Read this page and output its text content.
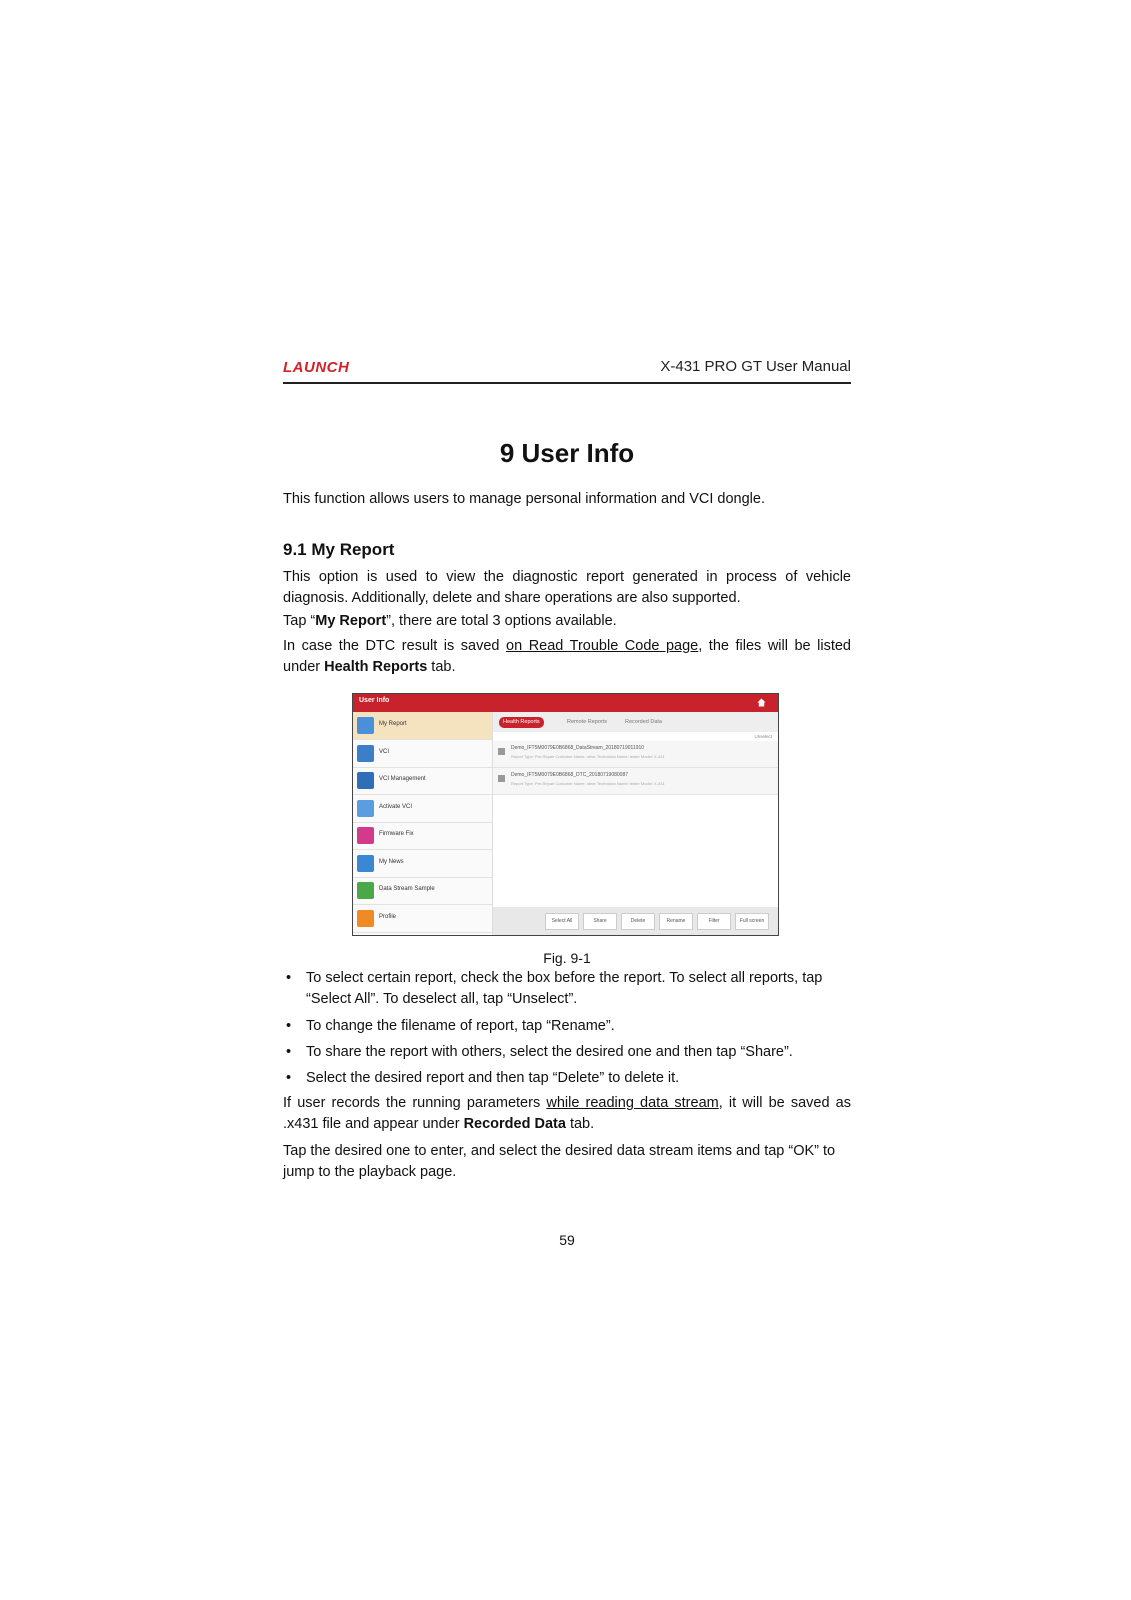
LAUNCH	X-431 PRO GT User Manual
9 User Info
This function allows users to manage personal information and VCI dongle.
9.1 My Report
This option is used to view the diagnostic report generated in process of vehicle diagnosis. Additionally, delete and share operations are also supported.
Tap “My Report”, there are total 3 options available.
In case the DTC result is saved on Read Trouble Code page, the files will be listed under Health Reports tab.
User Info
My Report
VCI
VCI Management
Activate VCI
Firmware Fix
My News
Data Stream Sample
Profile
Health Reports	Remote Reports	Recorded Data
Unselect
Demo_IFT5M0079E0B6868_DataStream_20180719011910
Report Type: Pre-Repair Customer Name: other Technician Name: tester Model: X-431
Demo_IFT5M0079E0B6868_DTC_20180719080087
Report Type: Pre-Repair Customer Name: other Technician Name: tester Model: X-431
Select All	Share	Delete	Rename	Filter	Full screen
Fig. 9-1
• To select certain report, check the box before the report. To select all reports, tap “Select All”. To deselect all, tap “Unselect”.
• To change the filename of report, tap “Rename”.
• To share the report with others, select the desired one and then tap “Share”.
• Select the desired report and then tap “Delete” to delete it.
If user records the running parameters while reading data stream, it will be saved as .x431 file and appear under Recorded Data tab.
Tap the desired one to enter, and select the desired data stream items and tap “OK” to jump to the playback page.
59
